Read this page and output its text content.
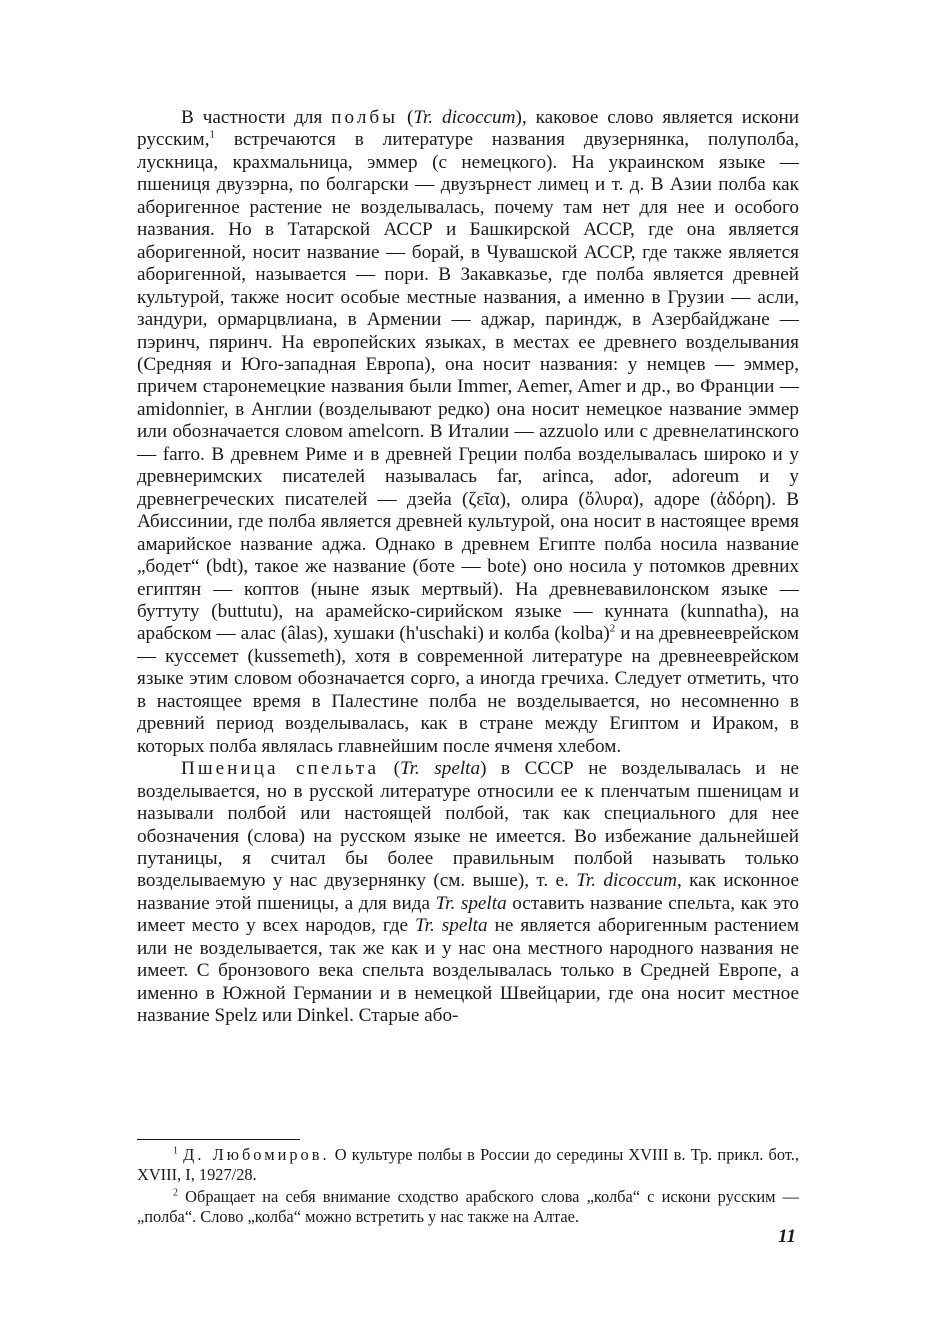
В частности для полбы (Tr. dicoccum), каковое слово является искони русским,$^1$ встречаются в литературе названия двузернянка, полуполба, лускница, крахмальница, эммер (с немецкого). На украинском языке — пшениця двузэрна, по болгарски — двузърнест лимец и т. д. В Азии полба как аборигенное растение не возделывалась, почему там нет для нее и особого названия. Но в Татарской АССР и Башкирской АССР, где она является аборигенной, носит название — борай, в Чувашской АССР, где также является аборигенной, называется — пори. В Закавказье, где полба является древней культурой, также носит особые местные названия, а именно в Грузии — асли, зандури, ормарцвлиана, в Армении — аджар, париндж, в Азербайджане — пэринч, пяринч. На европейских языках, в местах ее древнего возделывания (Средняя и Юго-западная Европа), она носит названия: у немцев — эммер, причем старонемецкие названия были Immer, Aemer, Amer и др., во Франции — amidonnier, в Англии (возделывают редко) она носит немецкое название эммер или обозначается словом amelcorn. В Италии — azzuolo или с древнелатинского — farro. В древнем Риме и в древней Греции полба возделывалась широко и у древнеримских писателей называлась far, arinca, ador, adoreum и у древнегреческих писателей — дзейа (ζεῖα), олира (ὄλυρα), адоре (ἀδόρη). В Абиссинии, где полба является древней культурой, она носит в настоящее время амарийское название аджа. Однако в древнем Египте полба носила название „бодет“ (bdt), такое же название (боте — bote) оно носила у потомков древних египтян — коптов (ныне язык мертвый). На древневавилонском языке — буттуту (buttutu), на арамейско-сирийском языке — кунната (kunnatha), на арабском — алас (âlas), хушаки (h'uschaki) и колба (kolba)$^2$ и на древнееврейском — куссемет (kussemeth), хотя в современной литературе на древнееврейском языке этим словом обозначается сорго, а иногда гречиха. Следует отметить, что в настоящее время в Палестине полба не возделывается, но несомненно в древний период возделывалась, как в стране между Египтом и Ираком, в которых полба являлась главнейшим после ячменя хлебом.

Пшеница спельта (Tr. spelta) в СССР не возделывалась и не возделывается, но в русской литературе относили ее к пленчатым пшеницам и называли полбой или настоящей полбой, так как специального для нее обозначения (слова) на русском языке не имеется. Во избежание дальнейшей путаницы, я считал бы более правильным полбой называть только возделываемую у нас двузернянку (см. выше), т. е. Tr. dicoccum, как исконное название этой пшеницы, а для вида Tr. spelta оставить название спельта, как это имеет место у всех народов, где Tr. spelta не является аборигенным растением или не возделывается, так же как и у нас она местного народного названия не имеет. С бронзового века спельта возделывалась только в Средней Европе, а именно в Южной Германии и в немецкой Швейцарии, где она носит местное название Spelz или Dinkel. Старые або-

$^1$ Д. Любомиров. О культуре полбы в России до середины XVIII в. Тр. прикл. бот., XVIII, I, 1927/28.

$^2$ Обращает на себя внимание сходство арабского слова „колба“ с искони русским — „полба“. Слово „колба“ можно встретить у нас также на Алтае.

11
